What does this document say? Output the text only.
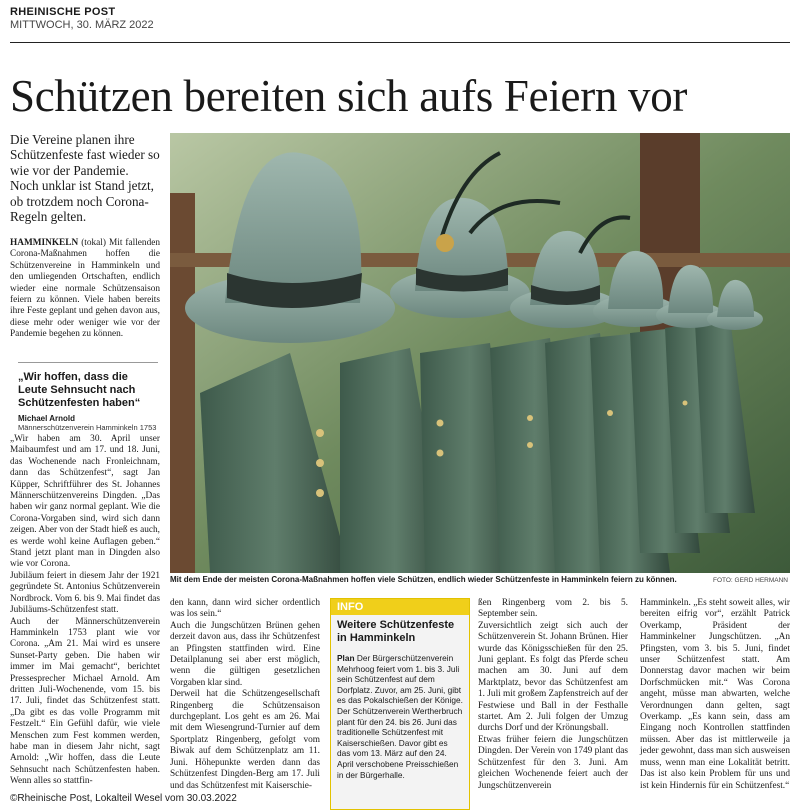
RHEINISCHE POST
MITTWOCH, 30. MÄRZ 2022
Schützen bereiten sich aufs Feiern vor
Die Vereine planen ihre Schützenfeste fast wieder so wie vor der Pandemie. Noch unklar ist Stand jetzt, ob trotzdem noch Corona-Regeln gelten.

HAMMINKELN (tokal) Mit fallenden Corona-Maßnahmen hoffen die Schützenvereine in Hamminkeln und den umliegenden Ortschaften, endlich wieder eine normale Schützensaison feiern zu können. Viele haben bereits ihre Feste geplant und gehen davon aus, diese mehr oder weniger wie vor der Pandemie begehen zu können.

„Wir hoffen, dass die Leute Sehnsucht nach Schützenfesten haben“
Michael Arnold
Männerschützenverein Hamminkeln 1753

„Wir haben am 30. April unser Maibaumfest und am 17. und 18. Juni, das Wochenende nach Fronleichnam, dann das Schützenfest“, sagt Jan Küpper, Schriftführer des St. Johannes Männerschützenvereins Dingden. „Das haben wir ganz normal geplant. Wie die Corona-Vorgaben sind, wird sich dann zeigen. Aber von der Stadt hieß es auch, es werde wohl keine Auflagen geben.“ Stand jetzt plant man in Dingden also wie vor Corona.

Jubiläum feiert in diesem Jahr der 1921 gegründete St. Antonius Schützenverein Nordbrock. Vom 6. bis 9. Mai findet das Jubiläums-Schützenfest statt.

Auch der Männerschützenverein Hamminkeln 1753 plant wie vor Corona. „Am 21. Mai wird es unsere Sunset-Party geben. Die haben wir immer im Mai gemacht“, berichtet Pressesprecher Michael Arnold. Am dritten Juli-Wochenende, vom 15. bis 17. Juli, findet das Schützenfest statt. „Da gibt es das volle Programm mit Festzelt.“ Ein Gefühl dafür, wie viele Menschen zum Fest kommen werden, habe man in diesem Jahr nicht, sagt Arnold: „Wir hoffen, dass die Leute Sehnsucht nach Schützenfesten haben. Wenn alles so stattfin-

Mit dem Ende der meisten Corona-Maßnahmen hoffen viele Schützen, endlich wieder Schützenfeste in Hamminkeln feiern zu können.	FOTO: GERD HERMANN

den kann, dann wird sicher ordentlich was los sein.“

Auch die Jungschützen Brünen gehen derzeit davon aus, dass ihr Schützenfest an Pfingsten stattfinden wird. Eine Detailplanung sei aber erst möglich, wenn die gültigen gesetzlichen Vorgaben klar sind.

Derweil hat die Schützengesellschaft Ringenberg die Schützensaison durchgeplant. Los geht es am 26. Mai mit dem Wiesengrund-Turnier auf dem Sportplatz Ringenberg, gefolgt vom Biwak auf dem Schützenplatz am 11. Juni. Höhepunkte werden dann das Schützenfest Dingden-Berg am 17. Juli und das Schützenfest mit Kaiserschie-

INFO
Weitere Schützenfeste in Hamminkeln
Plan Der Bürgerschützenverein Mehrhoog feiert vom 1. bis 3. Juli sein Schützenfest auf dem Dorfplatz. Zuvor, am 25. Juni, gibt es das Pokalschießen der Könige. Der Schützenverein Wertherbruch plant für den 24. bis 26. Juni das traditionelle Schützenfest mit Kaiserschießen. Davor gibt es das vom 13. März auf den 24. April verschobene Preisschießen in der Bürgerhalle.

ßen Ringenberg vom 2. bis 5. September sein.

Zuversichtlich zeigt sich auch der Schützenverein St. Johann Brünen. Hier wurde das Königsschießen für den 25. Juni geplant. Es folgt das Pferde scheu machen am 30. Juni auf dem Marktplatz, bevor das Schützenfest am 1. Juli mit großem Zapfenstreich auf der Festwiese und Ball in der Festhalle startet. Am 2. Juli folgen der Umzug durchs Dorf und der Krönungsball.

Etwas früher feiern die Jungschützen Dingden. Der Verein von 1749 plant das Schützenfest für den 3. Juni. Am gleichen Wochenende feiert auch der Jungschützenverein

Hamminkeln. „Es steht soweit alles, wir bereiten eifrig vor“, erzählt Patrick Overkamp, Präsident der Hamminkelner Jungschützen. „An Pfingsten, vom 3. bis 5. Juni, findet unser Schützenfest statt. Am Donnerstag davor machen wir beim Dorfschmücken mit.“ Was Corona angeht, müsse man abwarten, welche Verordnungen dann gelten, sagt Overkamp. „Es kann sein, dass am Eingang noch Kontrollen stattfinden müssen. Aber das ist mittlerweile ja jeder gewohnt, dass man sich ausweisen muss, wenn man eine Lokalität betritt. Das ist also kein Problem für uns und ist kein Hindernis für ein Schützenfest.“

©Rheinische Post, Lokalteil Wesel vom 30.03.2022
